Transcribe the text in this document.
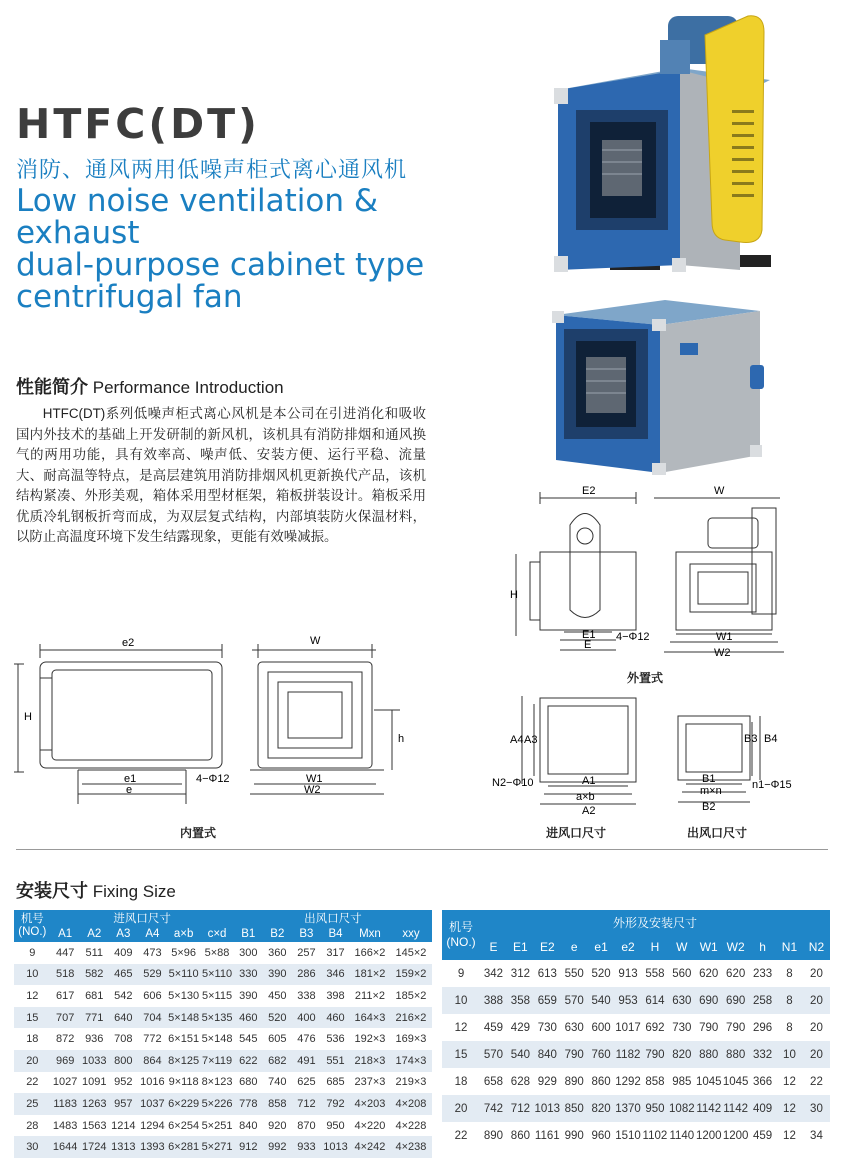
HTFC(DT)
消防、通风两用低噪声柜式离心通风机
Low noise ventilation & exhaust
dual-purpose cabinet type
centrifugal fan
性能简介 Performance Introduction
HTFC(DT)系列低噪声柜式离心风机是本公司在引进消化和吸收国内外技术的基础上开发研制的新风机，该机具有消防排烟和通风换气的两用功能，具有效率高、噪声低、安装方便、运行平稳、流量大、耐高温等特点，是高层建筑用消防排烟风机更新换代产品，该机结构紧凑、外形美观，箱体采用型材框架，箱板拼装设计。箱板采用优质冷轧钢板折弯而成，为双层复式结构，内部填装防火保温材料，以防止高温度环境下发生结露现象，更能有效噪减振。
e2
H
e1
e
4−Φ12
W
h
W1
W2
内置式
E2
H
E1
E
4−Φ12
W
W1
W2
外置式
A4 A3
N2−Φ10	A1
a×b
A2
B1
m×n
B2
n1−Φ15
B3 B4
进风口尺寸	出风口尺寸
安装尺寸 Fixing Size
机号
(NO.)	进风口尺寸						出风口尺寸					
	A1	A2	A3	A4	a×b	c×d	B1	B2	B3	B4	Mxn	xxy
9	447	511	409	473	5×96	5×88	300	360	257	317	166×2	145×2
10	518	582	465	529	5×110	5×110	330	390	286	346	181×2	159×2
12	617	681	542	606	5×130	5×115	390	450	338	398	211×2	185×2
15	707	771	640	704	5×148	5×135	460	520	400	460	164×3	216×2
18	872	936	708	772	6×151	5×148	545	605	476	536	192×3	169×3
20	969	1033	800	864	8×125	7×119	622	682	491	551	218×3	174×3
22	1027	1091	952	1016	9×118	8×123	680	740	625	685	237×3	219×3
25	1183	1263	957	1037	6×229	5×226	778	858	712	792	4×203	4×208
28	1483	1563	1214	1294	6×254	5×251	840	920	870	950	4×220	4×228
30	1644	1724	1313	1393	6×281	5×271	912	992	933	1013	4×242	4×238
机号
(NO.)	外形及安装尺寸												
	E	E1	E2	e	e1	e2	H	W	W1	W2	h	N1	N2
9	342	312	613	550	520	913	558	560	620	620	233	8	20
10	388	358	659	570	540	953	614	630	690	690	258	8	20
12	459	429	730	630	600	1017	692	730	790	790	296	8	20
15	570	540	840	790	760	1182	790	820	880	880	332	10	20
18	658	628	929	890	860	1292	858	985	1045	1045	366	12	22
20	742	712	1013	850	820	1370	950	1082	1142	1142	409	12	30
22	890	860	1161	990	960	1510	1102	1140	1200	1200	459	12	34
